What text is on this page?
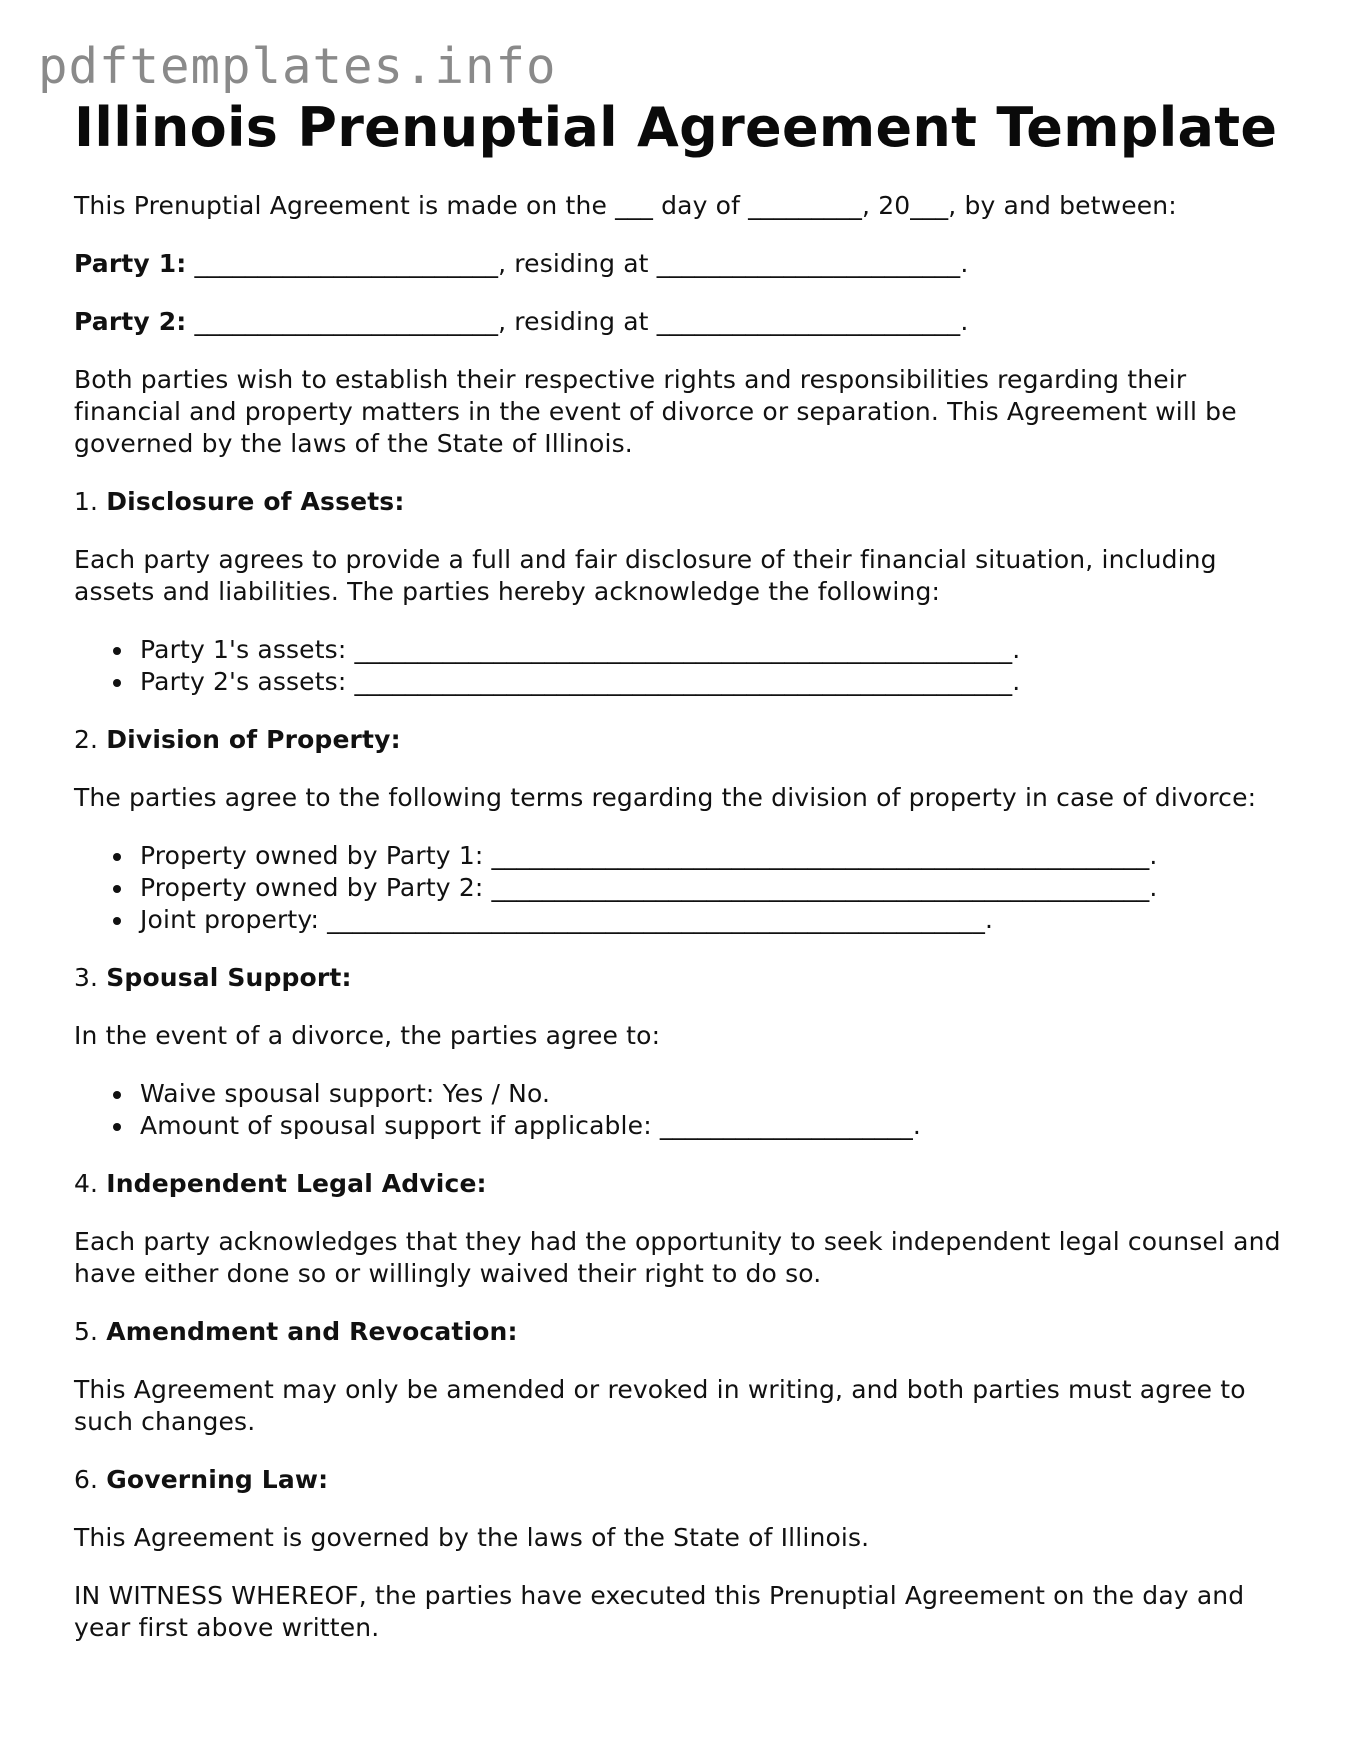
pdftemplates.info
Illinois Prenuptial Agreement Template

This Prenuptial Agreement is made on the ___ day of _________, 20___, by and between:

Party 1: ________________________, residing at ________________________.

Party 2: ________________________, residing at ________________________.

Both parties wish to establish their respective rights and responsibilities regarding their financial and property matters in the event of divorce or separation. This Agreement will be governed by the laws of the State of Illinois.

1. Disclosure of Assets:

Each party agrees to provide a full and fair disclosure of their financial situation, including assets and liabilities. The parties hereby acknowledge the following:

Party 1's assets: ____________________________________________________.
Party 2's assets: ____________________________________________________.

2. Division of Property:

The parties agree to the following terms regarding the division of property in case of divorce:

Property owned by Party 1: ____________________________________________________.
Property owned by Party 2: ____________________________________________________.
Joint property: ____________________________________________________.

3. Spousal Support:

In the event of a divorce, the parties agree to:

Waive spousal support: Yes / No.
Amount of spousal support if applicable: ____________________.

4. Independent Legal Advice:

Each party acknowledges that they had the opportunity to seek independent legal counsel and have either done so or willingly waived their right to do so.

5. Amendment and Revocation:

This Agreement may only be amended or revoked in writing, and both parties must agree to such changes.

6. Governing Law:

This Agreement is governed by the laws of the State of Illinois.

IN WITNESS WHEREOF, the parties have executed this Prenuptial Agreement on the day and year first above written.
